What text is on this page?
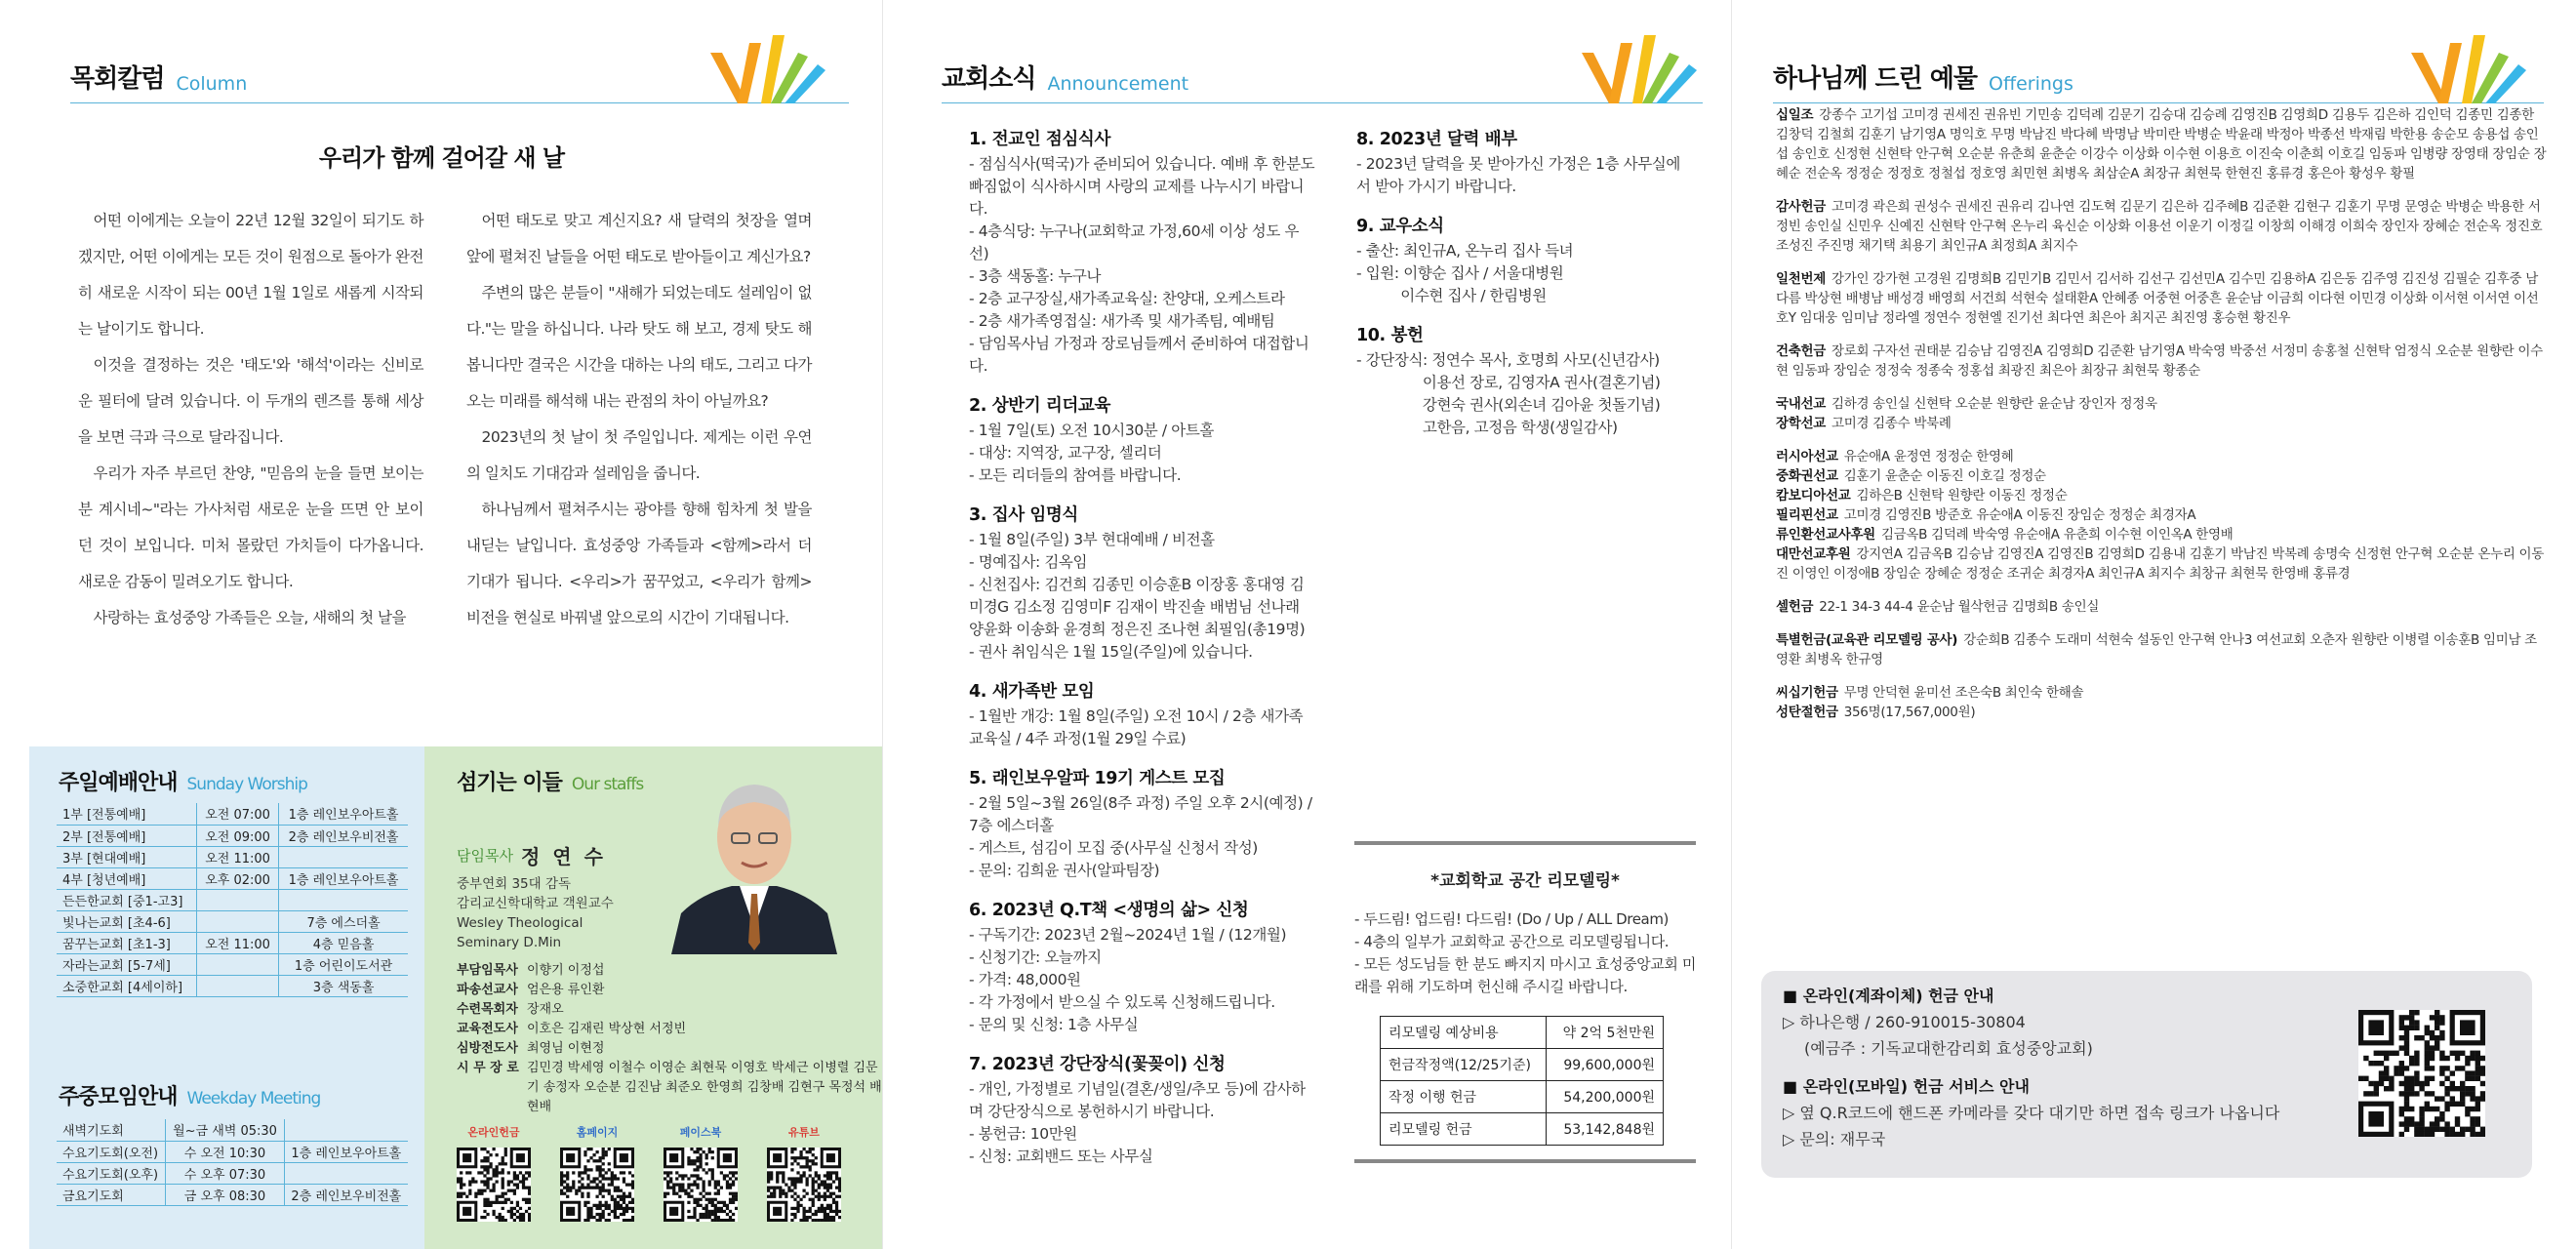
목회칼럼 Column
우리가 함께 걸어갈 새 날

어떤 이에게는 오늘이 22년 12월 32일이 되기도 하겠지만, 어떤 이에게는 모든 것이 원점으로 돌아가 완전히 새로운 시작이 되는 00년 1월 1일로 새롭게 시작되는 날이기도 합니다.

이것을 결정하는 것은 '태도'와 '해석'이라는 신비로운 필터에 달려 있습니다. 이 두개의 렌즈를 통해 세상을 보면 극과 극으로 달라집니다.

우리가 자주 부르던 찬양, "믿음의 눈을 들면 보이는 분 계시네~"라는 가사처럼 새로운 눈을 뜨면 안 보이던 것이 보입니다. 미처 몰랐던 가치들이 다가옵니다. 새로운 감동이 밀려오기도 합니다.

사랑하는 효성중앙 가족들은 오늘, 새해의 첫 날을

어떤 태도로 맞고 계신지요? 새 달력의 첫장을 열며 앞에 펼쳐진 날들을 어떤 태도로 받아들이고 계신가요?

주변의 많은 분들이 "새해가 되었는데도 설레임이 없다."는 말을 하십니다. 나라 탓도 해 보고, 경제 탓도 해 봅니다만 결국은 시간을 대하는 나의 태도, 그리고 다가오는 미래를 해석해 내는 관점의 차이 아닐까요?

2023년의 첫 날이 첫 주일입니다. 제게는 이런 우연의 일치도 기대감과 설레임을 줍니다.

하나님께서 펼쳐주시는 광야를 향해 힘차게 첫 발을 내딛는 날입니다. 효성중앙 가족들과 <함께>라서 더 기대가 됩니다. <우리>가 꿈꾸었고, <우리가 함께> 비전을 현실로 바꿔낼 앞으로의 시간이 기대됩니다.

주일예배안내 Sunday Worship
1부 [전통예배]	오전 07:00	1층 레인보우아트홀
2부 [전통예배]	오전 09:00	2층 레인보우비전홀
3부 [현대예배]	오전 11:00	
4부 [청년예배]	오후 02:00	1층 레인보우아트홀
든든한교회 [중1-고3]		
빛나는교회 [초4-6]		7층 에스더홀
꿈꾸는교회 [초1-3]	오전 11:00	4층 믿음홀
자라는교회 [5-7세]		1층 어린이도서관
소중한교회 [4세이하]		3층 색동홀
주중모임안내 Weekday Meeting
새벽기도회	월~금 새벽 05:30	
수요기도회(오전)	수 오전 10:30	1층 레인보우아트홀
수요기도회(오후)	수 오후 07:30	
금요기도회	금 오후 08:30	2층 레인보우비전홀
섬기는 이들 Our staffs
담임목사 정 연 수
중부연회 35대 감독
감리교신학대학교 객원교수
Wesley Theological
Seminary D.Min
부담임목사 이향기 이정섭
파송선교사 엄은용 류인환
수련목회자 장재오
교육전도사 이호은 김재린 박상현 서정빈
심방전도사 최영님 이현정
시 무 장 로 김민경 박세영 이철수 이영순 최현묵 이영호 박세근 이병렬 김문기 송정자 오순분 김진남 최준오 한영희 김창배 김현구 목정석 배현배
온라인헌금	홈페이지	페이스북	유튜브
교회소식 Announcement
1. 전교인 점심식사
- 점심식사(떡국)가 준비되어 있습니다. 예배 후 한분도 빠짐없이 식사하시며 사랑의 교제를 나누시기 바랍니다.
- 4층식당: 누구나(교회학교 가정,60세 이상 성도 우선)
- 3층 색동홀: 누구나
- 2층 교구장실,새가족교육실: 찬양대, 오케스트라
- 2층 새가족영접실: 새가족 및 새가족팀, 예배팀
- 담임목사님 가정과 장로님들께서 준비하여 대접합니다.
2. 상반기 리더교육
- 1월 7일(토) 오전 10시30분 / 아트홀
- 대상: 지역장, 교구장, 셀리더
- 모든 리더들의 참여를 바랍니다.
3. 집사 임명식
- 1월 8일(주일) 3부 현대예배 / 비전홀
- 명예집사: 김옥임
- 신천집사: 김건희 김종민 이승훈B 이장홍 홍대영 김미경G 김소정 김영미F 김재이 박진솔 배범님 선나래 양윤화 이송화 윤경희 정은진 조나현 최필임(총19명)
- 권사 취임식은 1월 15일(주일)에 있습니다.
4. 새가족반 모임
- 1월반 개강: 1월 8일(주일) 오전 10시 / 2층 새가족교육실 / 4주 과정(1월 29일 수료)
5. 래인보우알파 19기 게스트 모집
- 2월 5일~3월 26일(8주 과정) 주일 오후 2시(예정) / 7층 에스더홀
- 게스트, 섬김이 모집 중(사무실 신청서 작성)
- 문의: 김희윤 권사(알파팀장)
6. 2023년 Q.T책 <생명의 삶> 신청
- 구독기간: 2023년 2월~2024년 1월 / (12개월)
- 신청기간: 오늘까지
- 가격: 48,000원
- 각 가정에서 받으실 수 있도록 신청해드립니다.
- 문의 및 신청: 1층 사무실
7. 2023년 강단장식(꽃꽂이) 신청
- 개인, 가정별로 기념일(결혼/생일/추모 등)에 감사하며 강단장식으로 봉헌하시기 바랍니다.
- 봉헌금: 10만원
- 신청: 교회밴드 또는 사무실
8. 2023년 달력 배부
- 2023년 달력을 못 받아가신 가정은 1층 사무실에서 받아 가시기 바랍니다.
9. 교우소식
- 출산: 최인규A, 온누리 집사 득녀
- 입원: 이향순 집사 / 서울대병원
이수현 집사 / 한림병원
10. 봉헌
- 강단장식: 정연수 목사, 호명희 사모(신년감사)
이용선 장로, 김영자A 권사(결혼기념)
강현숙 권사(외손녀 김아윤 첫돌기념)
고한음, 고정음 학생(생일감사)
*교회학교 공간 리모델링*
- 두드림! 업드림! 다드림! (Do / Up / ALL Dream)
- 4층의 일부가 교회학교 공간으로 리모델링됩니다.
- 모든 성도님들 한 분도 빠지지 마시고 효성중앙교회 미래를 위해 기도하며 헌신해 주시길 바랍니다.
리모델링 예상비용	약 2억 5천만원
헌금작정액(12/25기준)	99,600,000원
작정 이행 헌금	54,200,000원
리모델링 헌금	53,142,848원
하나님께 드린 예물 Offerings

십일조 강종수 고기섭 고미경 권세진 권유빈 기민송 김덕례 김문기 김승대 김승례 김영진B 김영희D 김용두 김은하 김인덕 김종민 김종한 김창덕 김철희 김훈기 남기영A 명익호 무명 박남진 박다혜 박명남 박미란 박병순 박윤래 박정아 박종선 박재림 박한용 송순모 송용섭 송인섭 송인호 신정현 신현탁 안구혁 오순분 유춘희 윤춘순 이강수 이상화 이수현 이용흐 이진숙 이춘희 이호길 임동파 임병량 장영태 장임순 장혜순 전순옥 정정순 정정호 정철섭 정호영 최민현 최병옥 최삼순A 최장규 최현묵 한현진 홍류경 홍은아 황성우 황필

감사헌금 고미경 곽은희 권성수 권세진 권유리 김나연 김도혁 김문기 김은하 김주혜B 김준환 김현구 김훈기 무명 문영순 박병순 박용한 서정빈 송인실 신민우 신예진 신현탁 안구혁 온누리 육신순 이상화 이용선 이운기 이정길 이창희 이해경 이희숙 장인자 장혜순 전순옥 정진호 조성진 주진명 채기택 최용기 최인규A 최정희A 최지수

일천번제 강가인 강가현 고경원 김명희B 김민기B 김민서 김서하 김선구 김선민A 김수민 김용하A 김은동 김주영 김진성 김필순 김후중 남다름 박상현 배병남 배성경 배영희 서건희 석현숙 설태환A 안혜종 어중현 어중흔 윤순남 이금희 이다현 이민경 이상화 이서현 이서연 이선호Y 임대웅 임미남 정라엘 정연수 정현엘 진기선 최다연 최은아 최지곤 최진영 홍승현 황진우

건축헌금 장로회 구자선 권태분 김승남 김영진A 김영희D 김준환 남기영A 박숙영 박중선 서정미 송홍철 신현탁 엄정식 오순분 원향란 이수현 임동파 장임순 정정숙 정종숙 정홍섭 최광진 최은아 최장규 최현묵 황종순

국내선교 김하경 송인실 신현탁 오순분 원향란 윤순남 장인자 정정욱

장학선교 고미경 김종수 박북례

러시아선교 유순애A 윤정연 정정순 한영혜

중화권선교 김훈기 윤춘순 이동진 이호길 정정순

캄보디아선교 김하은B 신현탁 원향란 이동진 정정순

필리핀선교 고미경 김영진B 방준호 유순애A 이동진 장임순 정정순 최경자A

류인환선교사후원 김금옥B 김덕례 박숙영 유순애A 유춘희 이수현 이인옥A 한영배

대만선교후원 강지연A 김금옥B 김승남 김영진A 김영진B 김영희D 김용내 김훈기 박남진 박복례 송명숙 신정현 안구혁 오순분 온누리 이동진 이영인 이정애B 장임순 장혜순 정정순 조귀순 최경자A 최인규A 최지수 최창규 최현묵 한영배 홍류경

셀헌금 22-1 34-3 44-4 윤순남 월삭헌금 김명희B 송인실

특별헌금(교육관 리모델링 공사) 강순희B 김종수 도래미 석현숙 설동인 안구혁 안나3 여선교회 오춘자 원향란 이병렬 이송훈B 임미남 조영환 최병옥 한규영

씨십기헌금 무명 안덕현 윤미선 조은숙B 최인숙 한해솔

성탄절헌금 356명(17,567,000원)

■ 온라인(계좌이체) 헌금 안내
▷ 하나은행 / 260-910015-30804
(예금주 : 기독교대한감리회 효성중앙교회)
■ 온라인(모바일) 헌금 서비스 안내
▷ 옆 Q.R코드에 핸드폰 카메라를 갖다 대기만 하면 접속 링크가 나옵니다
▷ 문의: 재무국
